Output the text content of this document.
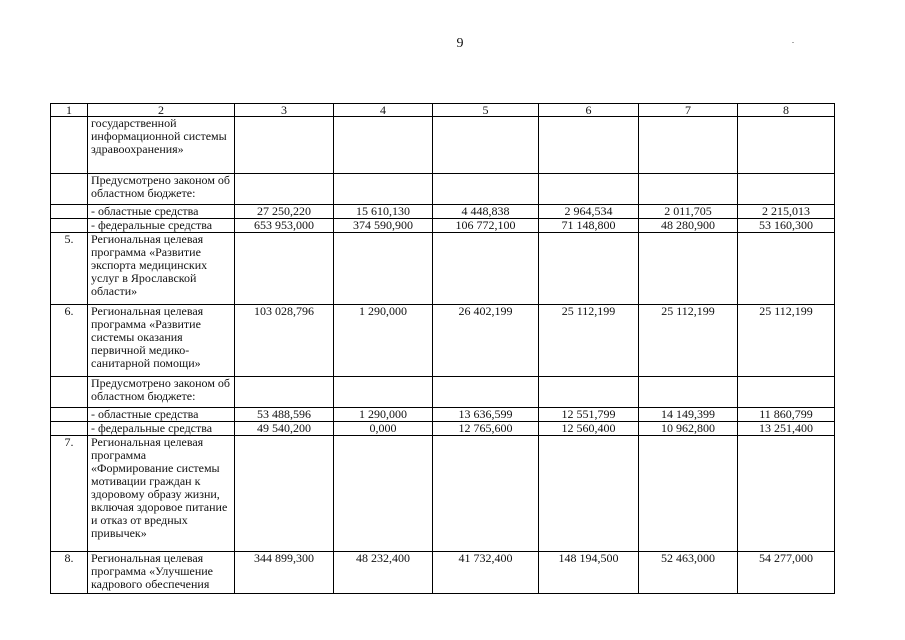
9
1	2	3	4	5	6	7	8
	государственной информационной системы здравоохранения»						
	Предусмотрено законом об областном бюджете:						
	- областные средства	27 250,220	15 610,130	4 448,838	2 964,534	2 011,705	2 215,013
	- федеральные средства	653 953,000	374 590,900	106 772,100	71 148,800	48 280,900	53 160,300
5.	Региональная целевая программа «Развитие экспорта медицинских услуг в Ярославской области»						
6.	Региональная целевая программа «Развитие системы оказания первичной медико-санитарной помощи»	103 028,796	1 290,000	26 402,199	25 112,199	25 112,199	25 112,199
	Предусмотрено законом об областном бюджете:						
	- областные средства	53 488,596	1 290,000	13 636,599	12 551,799	14 149,399	11 860,799
	- федеральные средства	49 540,200	0,000	12 765,600	12 560,400	10 962,800	13 251,400
7.	Региональная целевая программа «Формирование системы мотивации граждан к здоровому образу жизни, включая здоровое питание и отказ от вредных привычек»						
8.	Региональная целевая программа «Улучшение кадрового обеспечения	344 899,300	48 232,400	41 732,400	148 194,500	52 463,000	54 277,000
